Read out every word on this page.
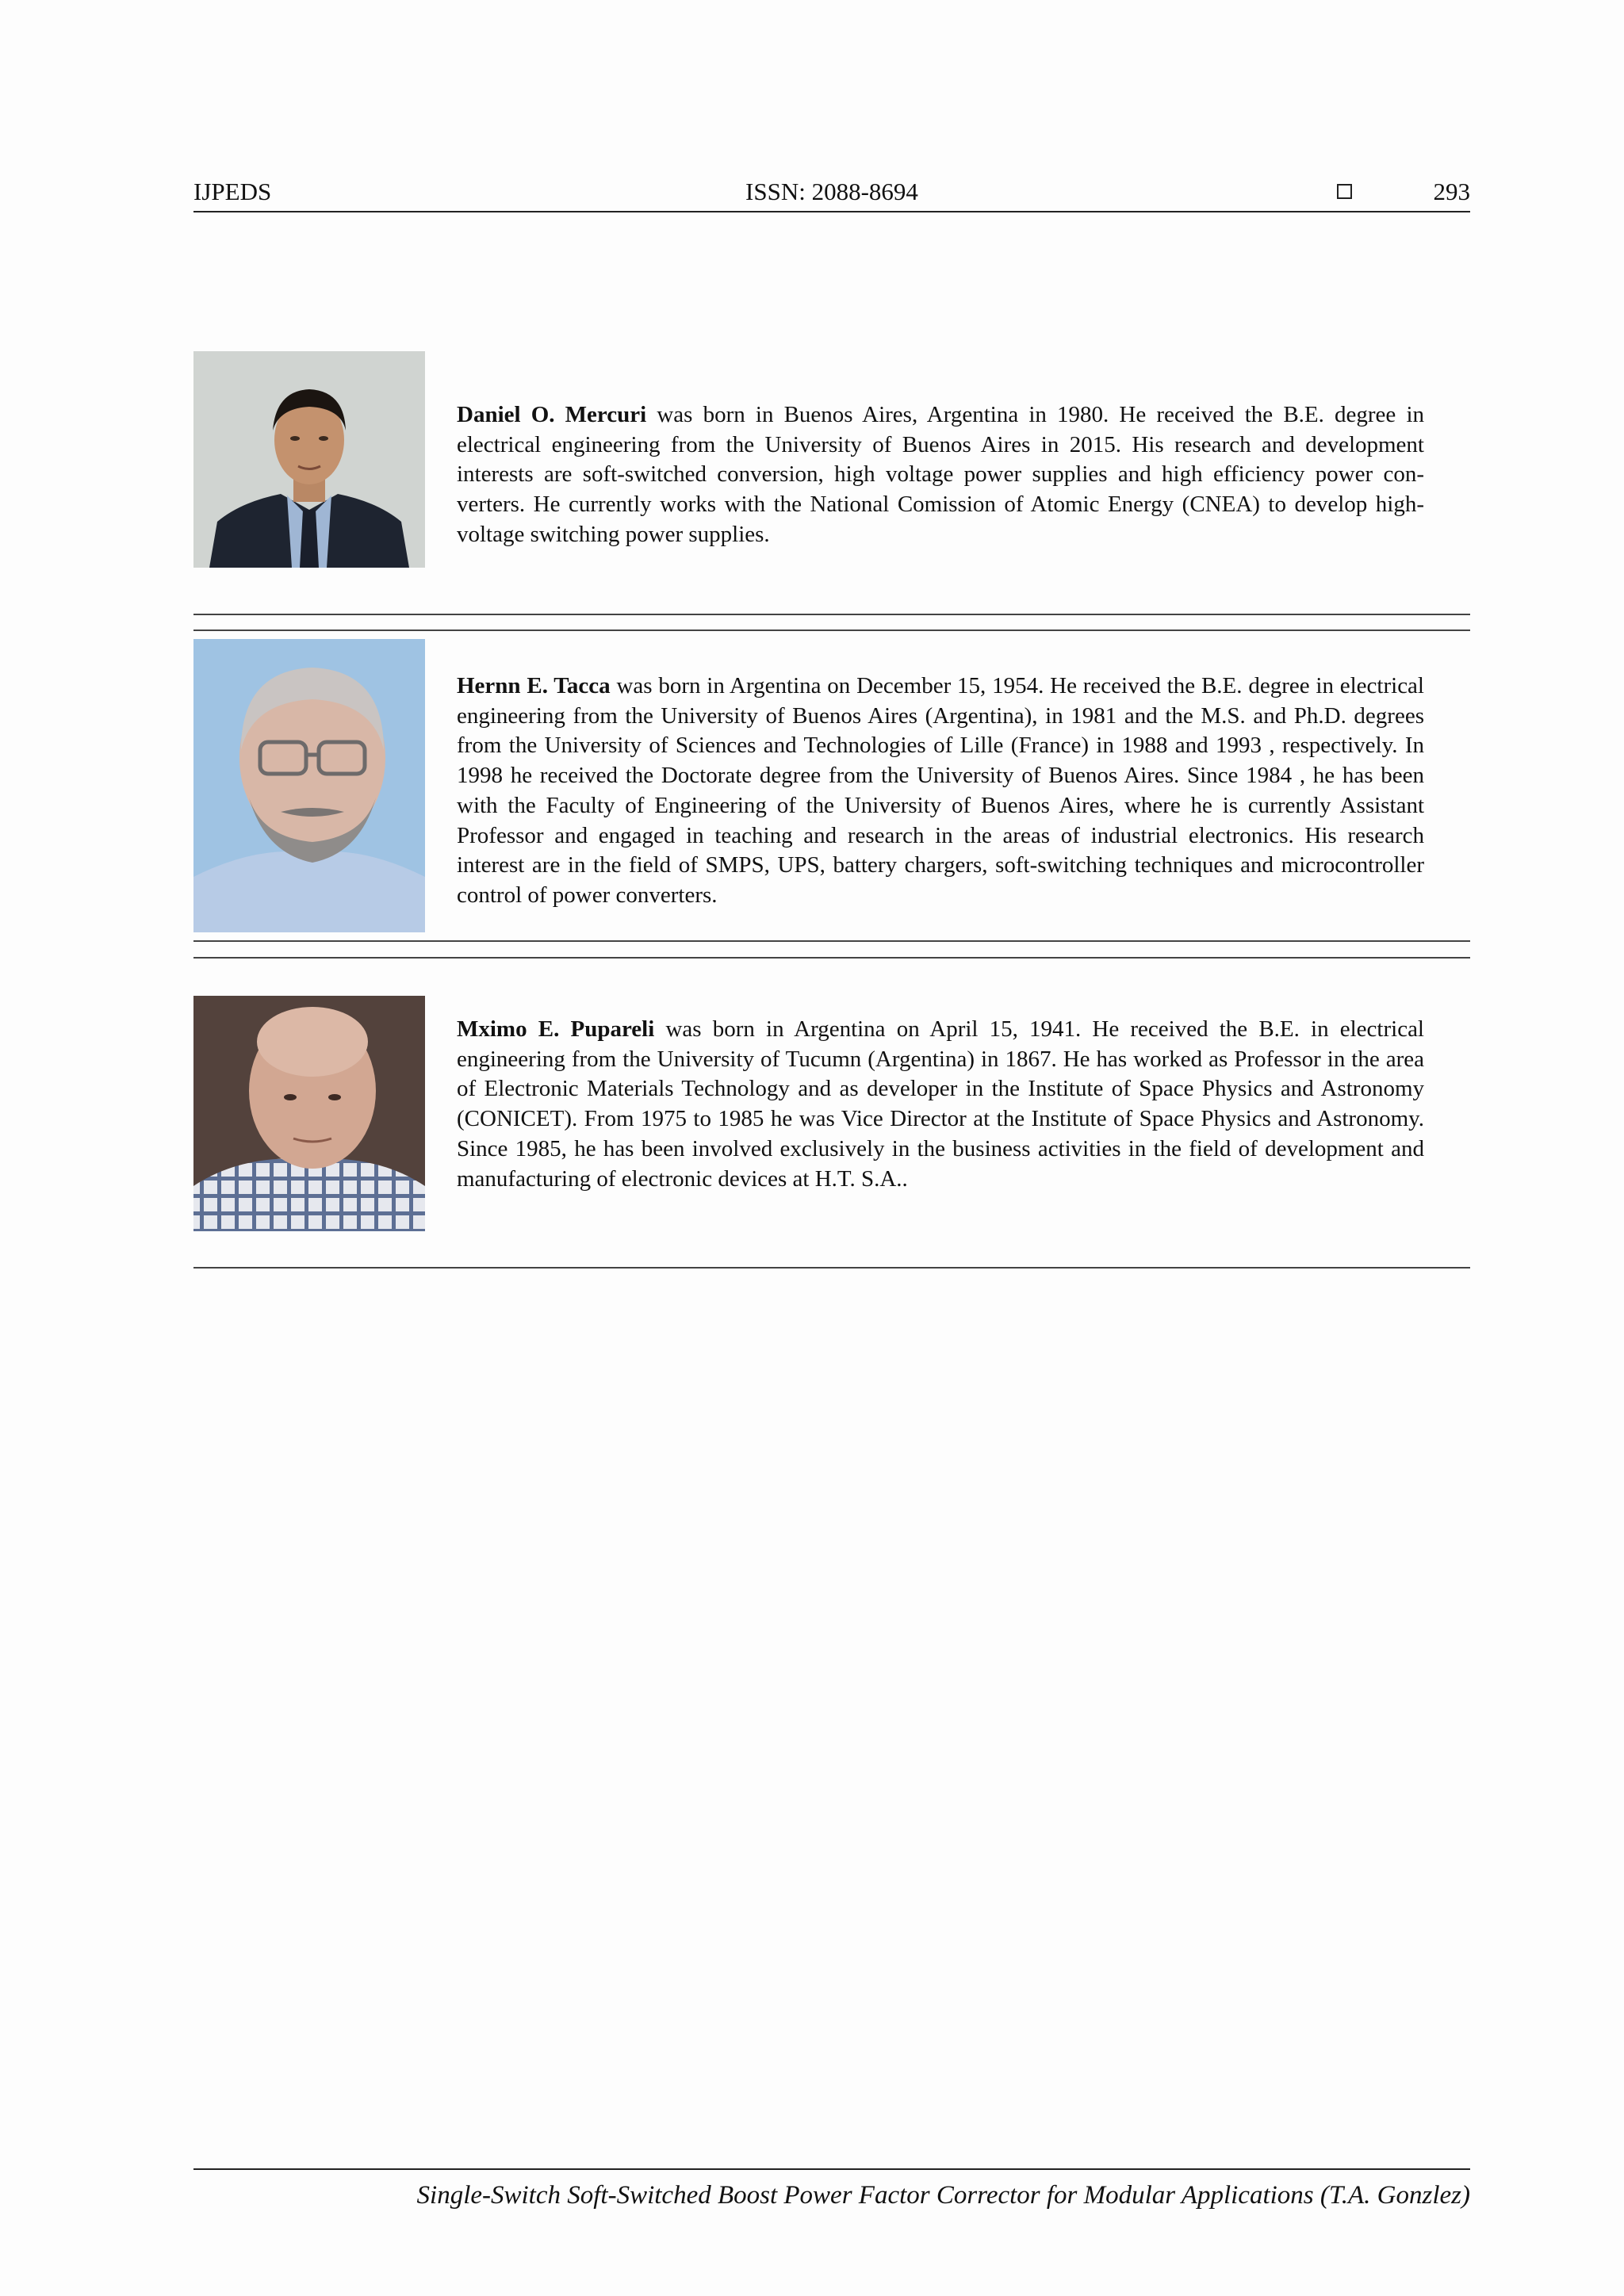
IJPEDS	ISSN: 2088-8694	293

Daniel O. Mercuri was born in Buenos Aires, Argentina in 1980. He received the B.E. degree in electrical engineering from the University of Buenos Aires in 2015. His research and development interests are soft-switched conversion, high voltage power supplies and high efficiency power con-verters. He currently works with the National Comission of Atomic Energy (CNEA) to develop high-voltage switching power supplies.

Hernn E. Tacca was born in Argentina on December 15, 1954. He received the B.E. degree in electrical engineering from the University of Buenos Aires (Argentina), in 1981 and the M.S. and Ph.D. degrees from the University of Sciences and Technologies of Lille (France) in 1988 and 1993 , respectively. In 1998 he received the Doctorate degree from the University of Buenos Aires. Since 1984 , he has been with the Faculty of Engineering of the University of Buenos Aires, where he is currently Assistant Professor and engaged in teaching and research in the areas of industrial electronics. His research interest are in the field of SMPS, UPS, battery chargers, soft-switching techniques and microcontroller control of power converters.

Mximo E. Pupareli was born in Argentina on April 15, 1941. He received the B.E. in electrical engineering from the University of Tucumn (Argentina) in 1867. He has worked as Professor in the area of Electronic Materials Technology and as developer in the Institute of Space Physics and Astronomy (CONICET). From 1975 to 1985 he was Vice Director at the Institute of Space Physics and Astronomy. Since 1985, he has been involved exclusively in the business activities in the field of development and manufacturing of electronic devices at H.T. S.A..

Single-Switch Soft-Switched Boost Power Factor Corrector for Modular Applications (T.A. Gonzlez)
